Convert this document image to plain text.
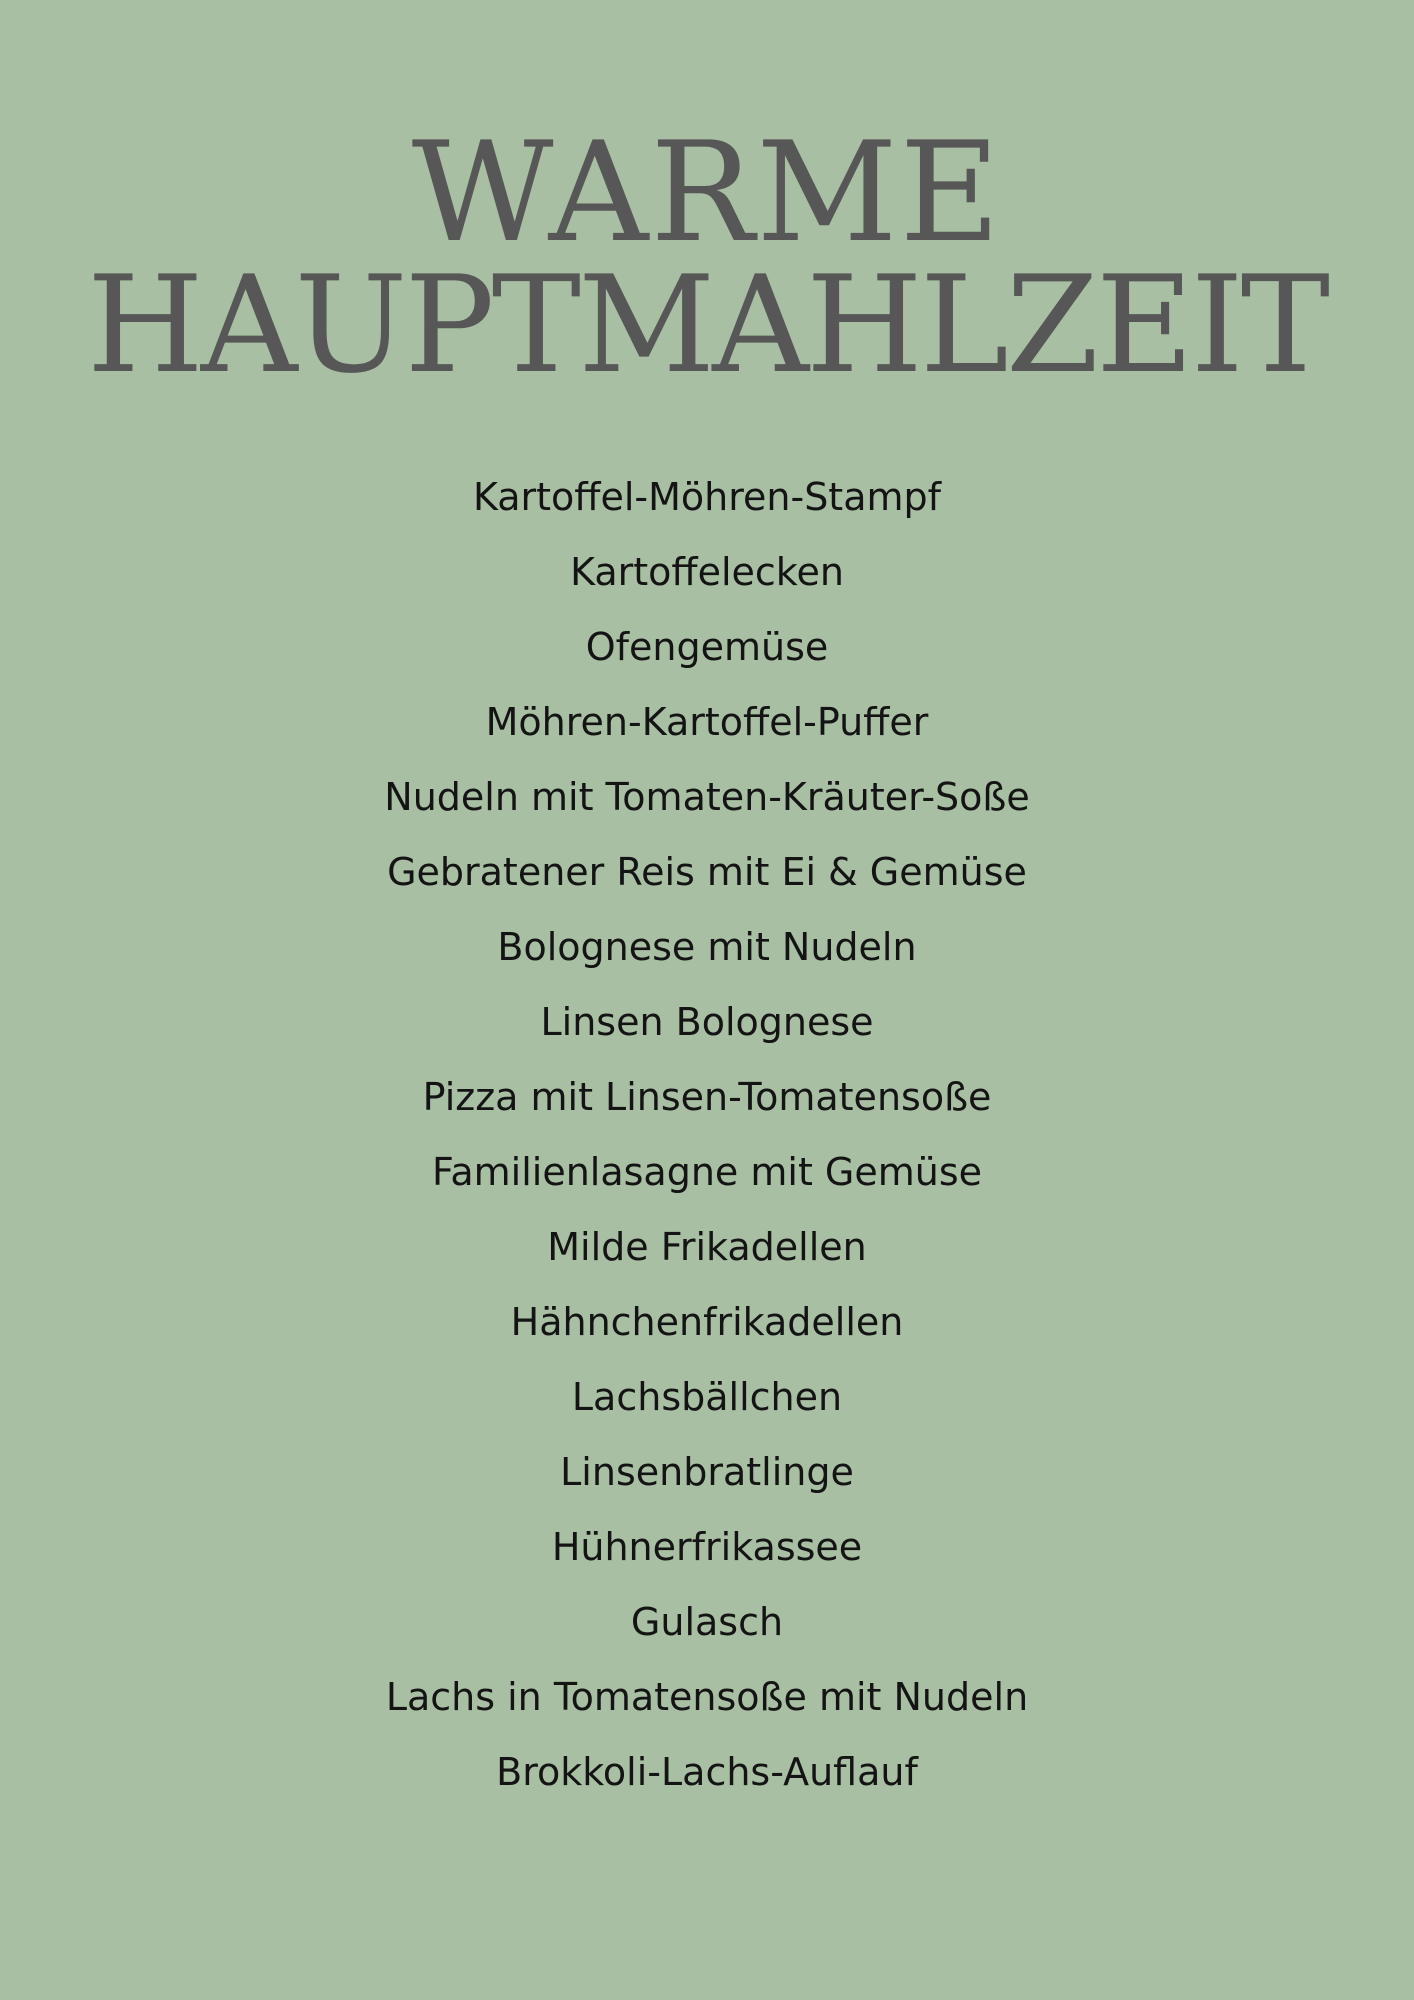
WARME
HAUPTMAHLZEIT
Kartoffel-Möhren-Stampf
Kartoffelecken
Ofengemüse
Möhren-Kartoffel-Puffer
Nudeln mit Tomaten-Kräuter-Soße
Gebratener Reis mit Ei & Gemüse
Bolognese mit Nudeln
Linsen Bolognese
Pizza mit Linsen-Tomatensoße
Familienlasagne mit Gemüse
Milde Frikadellen
Hähnchenfrikadellen
Lachsbällchen
Linsenbratlinge
Hühnerfrikassee
Gulasch
Lachs in Tomatensoße mit Nudeln
Brokkoli-Lachs-Auflauf
